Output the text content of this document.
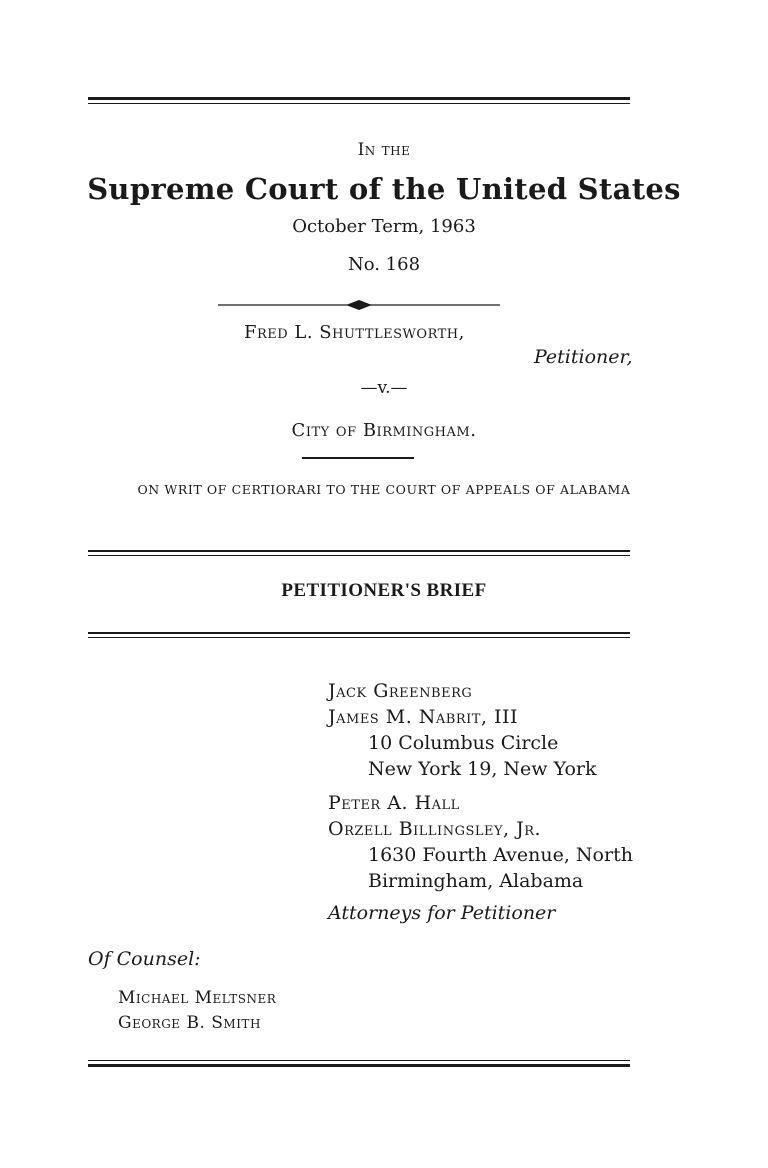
In the
Supreme Court of the United States
October Term, 1963
No. 168
Fred L. Shuttlesworth,
Petitioner,
—v.—
City of Birmingham.
ON WRIT OF CERTIORARI TO THE COURT OF APPEALS OF ALABAMA
PETITIONER'S BRIEF
Jack Greenberg
James M. Nabrit, III
10 Columbus Circle
New York 19, New York
Peter A. Hall
Orzell Billingsley, Jr.
1630 Fourth Avenue, North
Birmingham, Alabama
Attorneys for Petitioner
Of Counsel:
Michael Meltsner
George B. Smith
